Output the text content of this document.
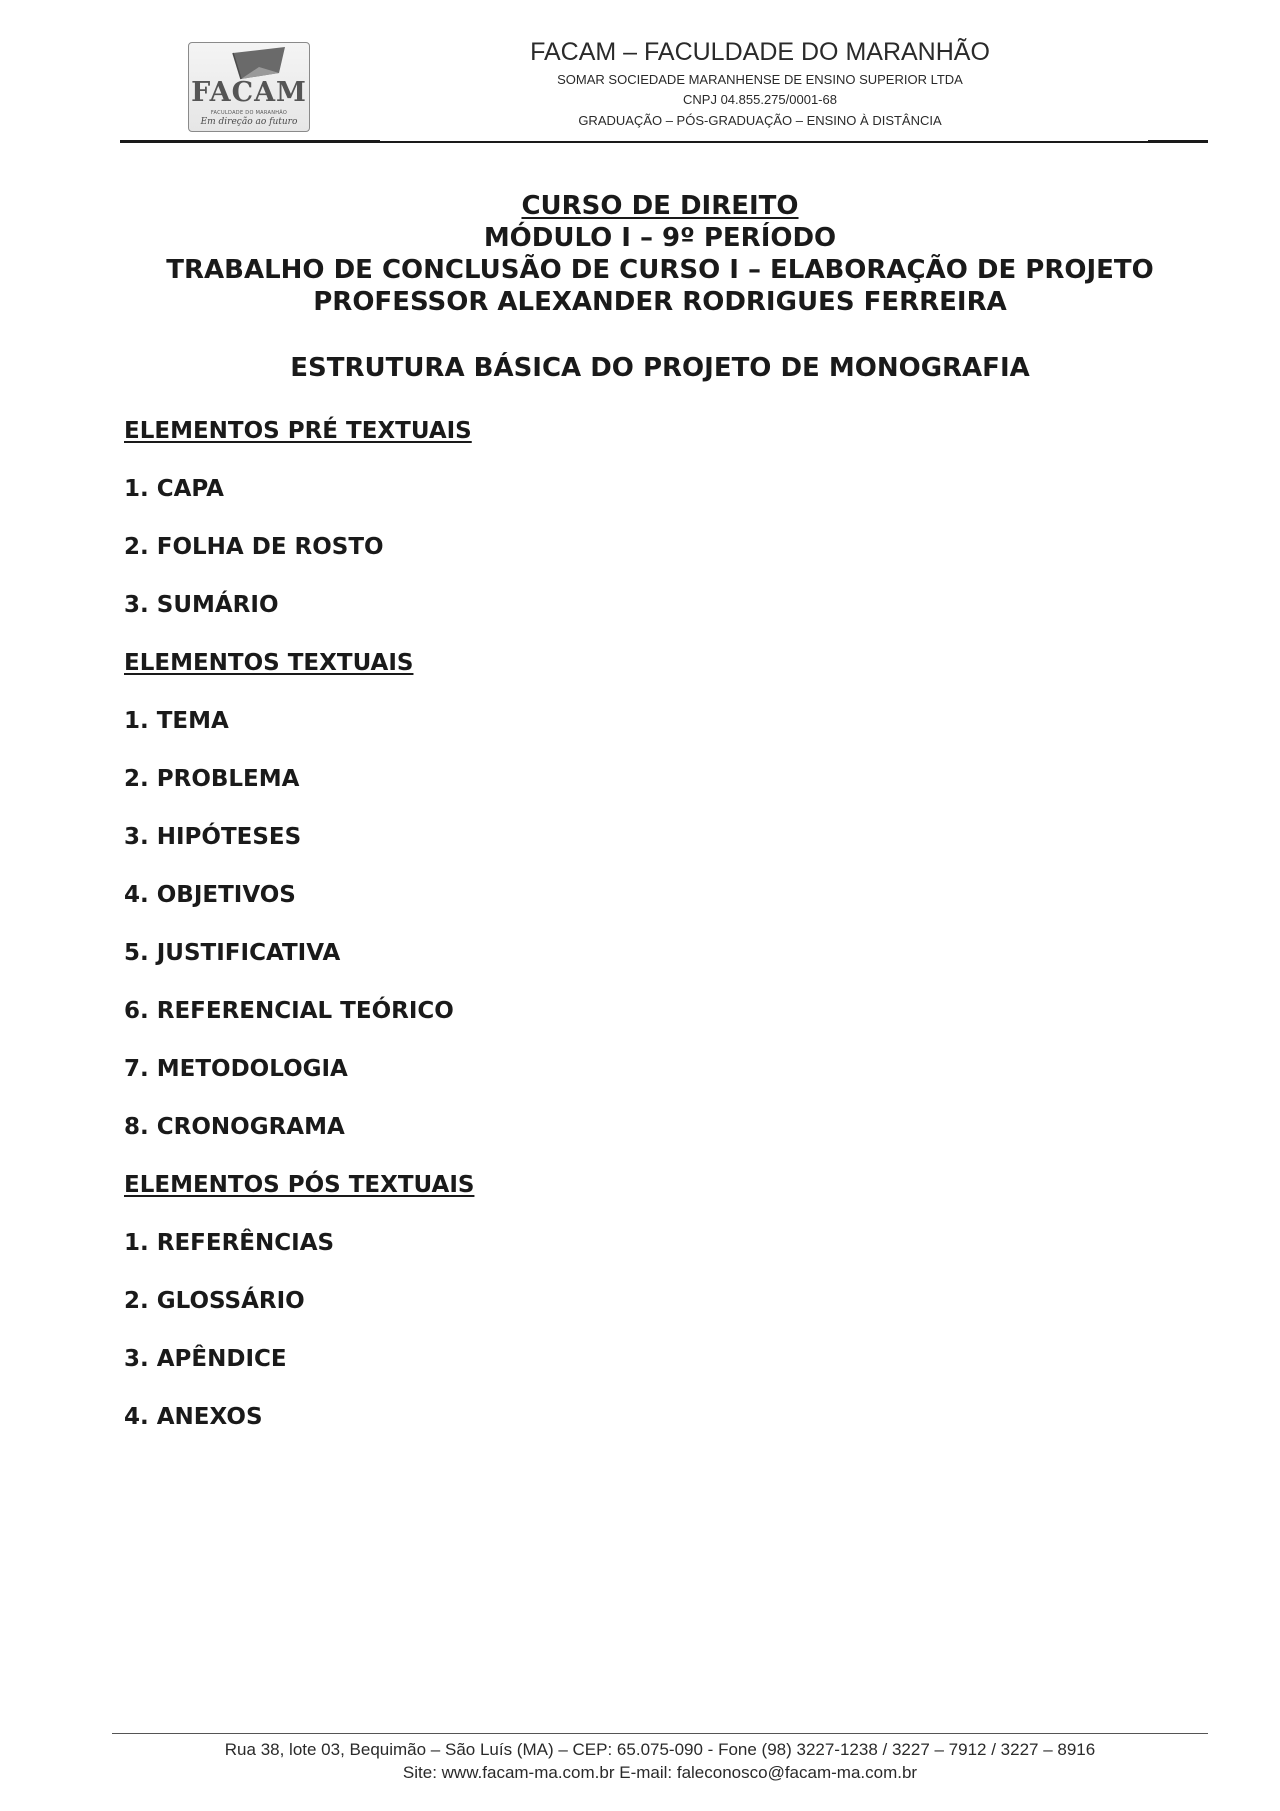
FACAM
FACULDADE DO MARANHÃO
Em direção ao futuro
FACAM – FACULDADE DO MARANHÃO
SOMAR SOCIEDADE MARANHENSE DE ENSINO SUPERIOR LTDA
CNPJ 04.855.275/0001-68
GRADUAÇÃO – PÓS-GRADUAÇÃO – ENSINO À DISTÂNCIA
CURSO DE DIREITO
MÓDULO I – 9º PERÍODO
TRABALHO DE CONCLUSÃO DE CURSO I – ELABORAÇÃO DE PROJETO
PROFESSOR ALEXANDER RODRIGUES FERREIRA
ESTRUTURA BÁSICA DO PROJETO DE MONOGRAFIA
ELEMENTOS PRÉ TEXTUAIS
1. CAPA
2. FOLHA DE ROSTO
3. SUMÁRIO
ELEMENTOS TEXTUAIS
1. TEMA
2. PROBLEMA
3. HIPÓTESES
4. OBJETIVOS
5. JUSTIFICATIVA
6. REFERENCIAL TEÓRICO
7. METODOLOGIA
8. CRONOGRAMA
ELEMENTOS PÓS TEXTUAIS
1. REFERÊNCIAS
2. GLOSSÁRIO
3. APÊNDICE
4. ANEXOS
Rua 38, lote 03, Bequimão – São Luís (MA) – CEP: 65.075-090 - Fone (98) 3227-1238 / 3227 – 7912 / 3227 – 8916
Site: www.facam-ma.com.br E-mail: faleconosco@facam-ma.com.br
